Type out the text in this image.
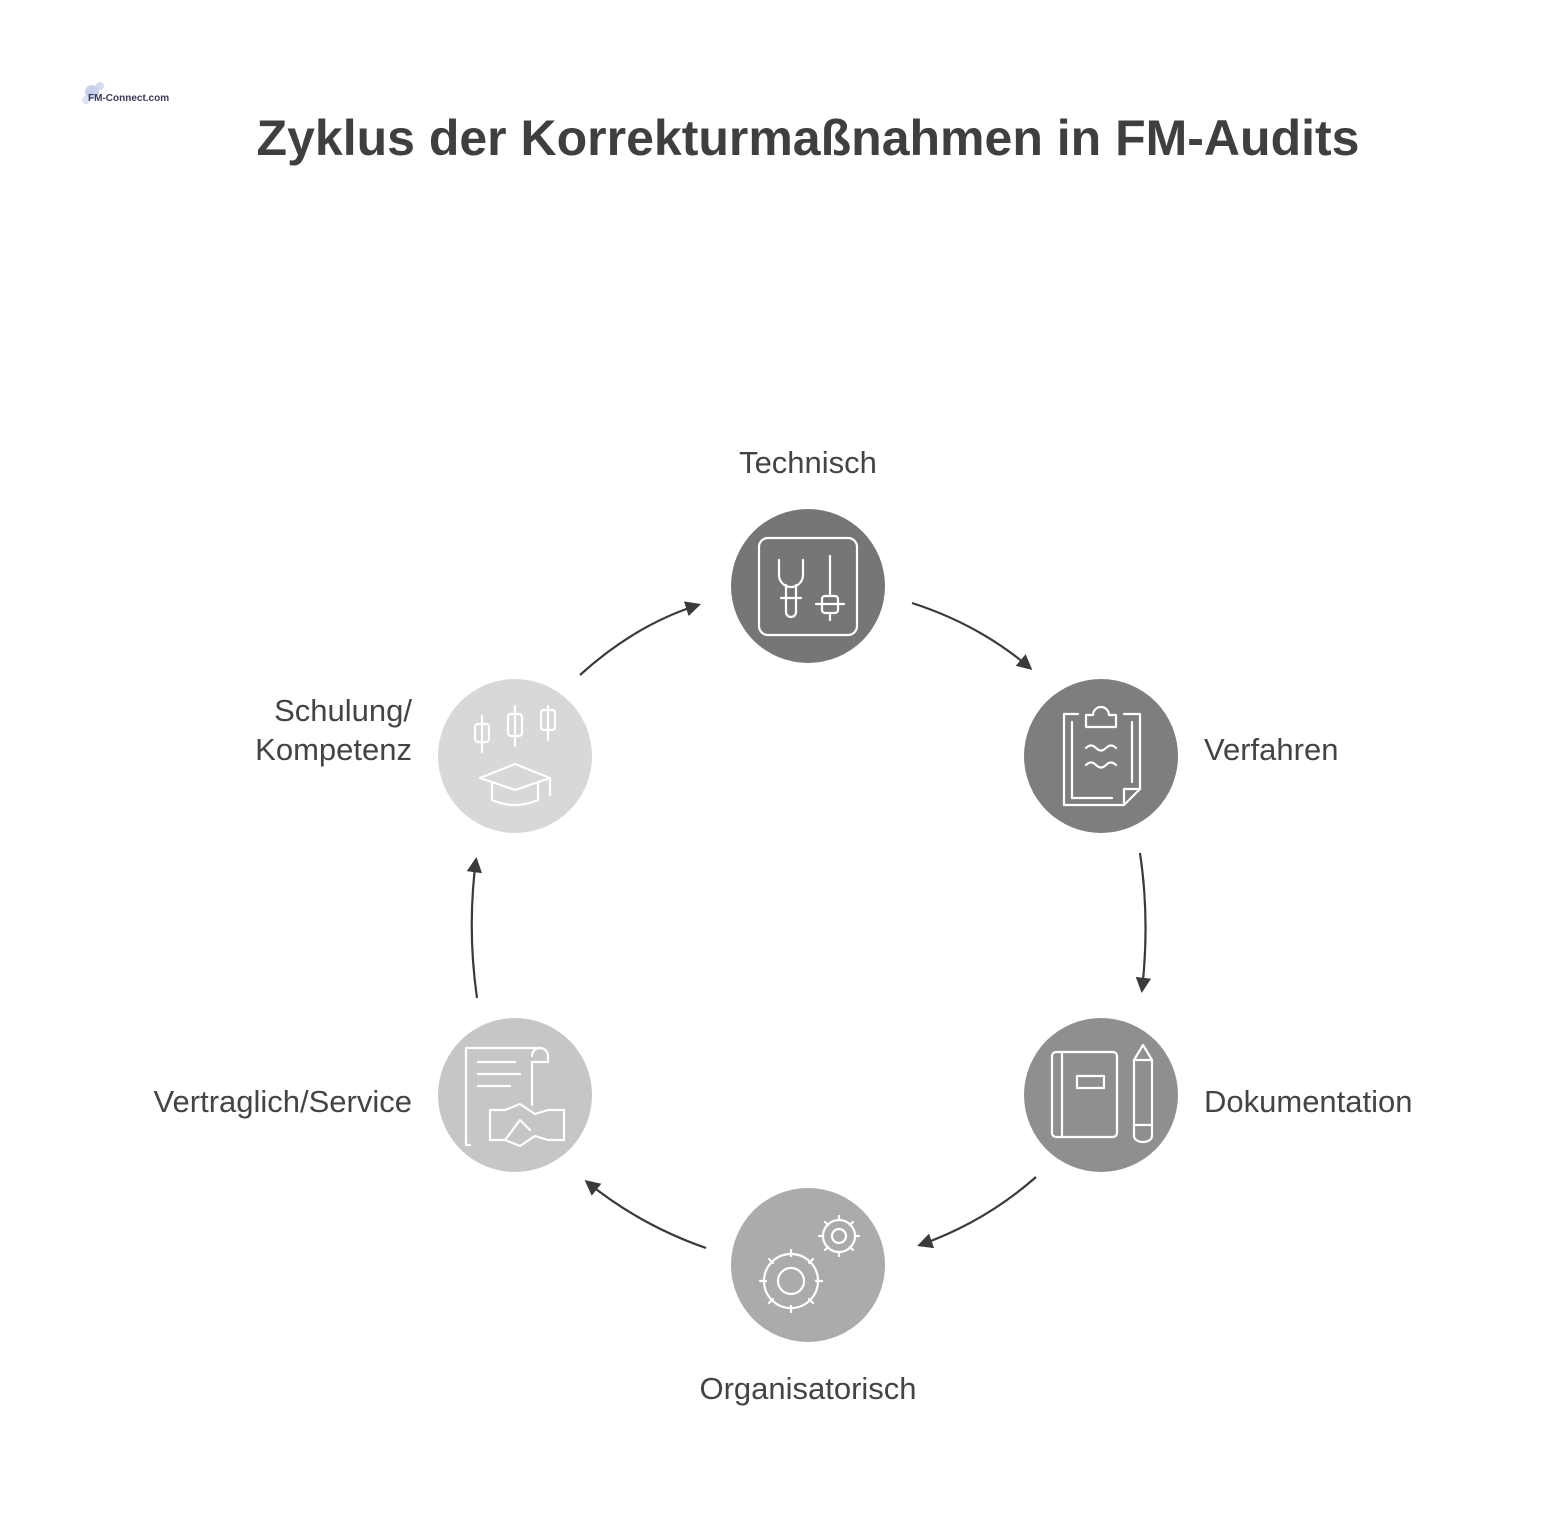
FM-Connect.com
Zyklus der Korrekturmaßnahmen in FM-Audits
Technisch
Verfahren
Dokumentation
Organisatorisch
Vertraglich/Service
Schulung/
Kompetenz
